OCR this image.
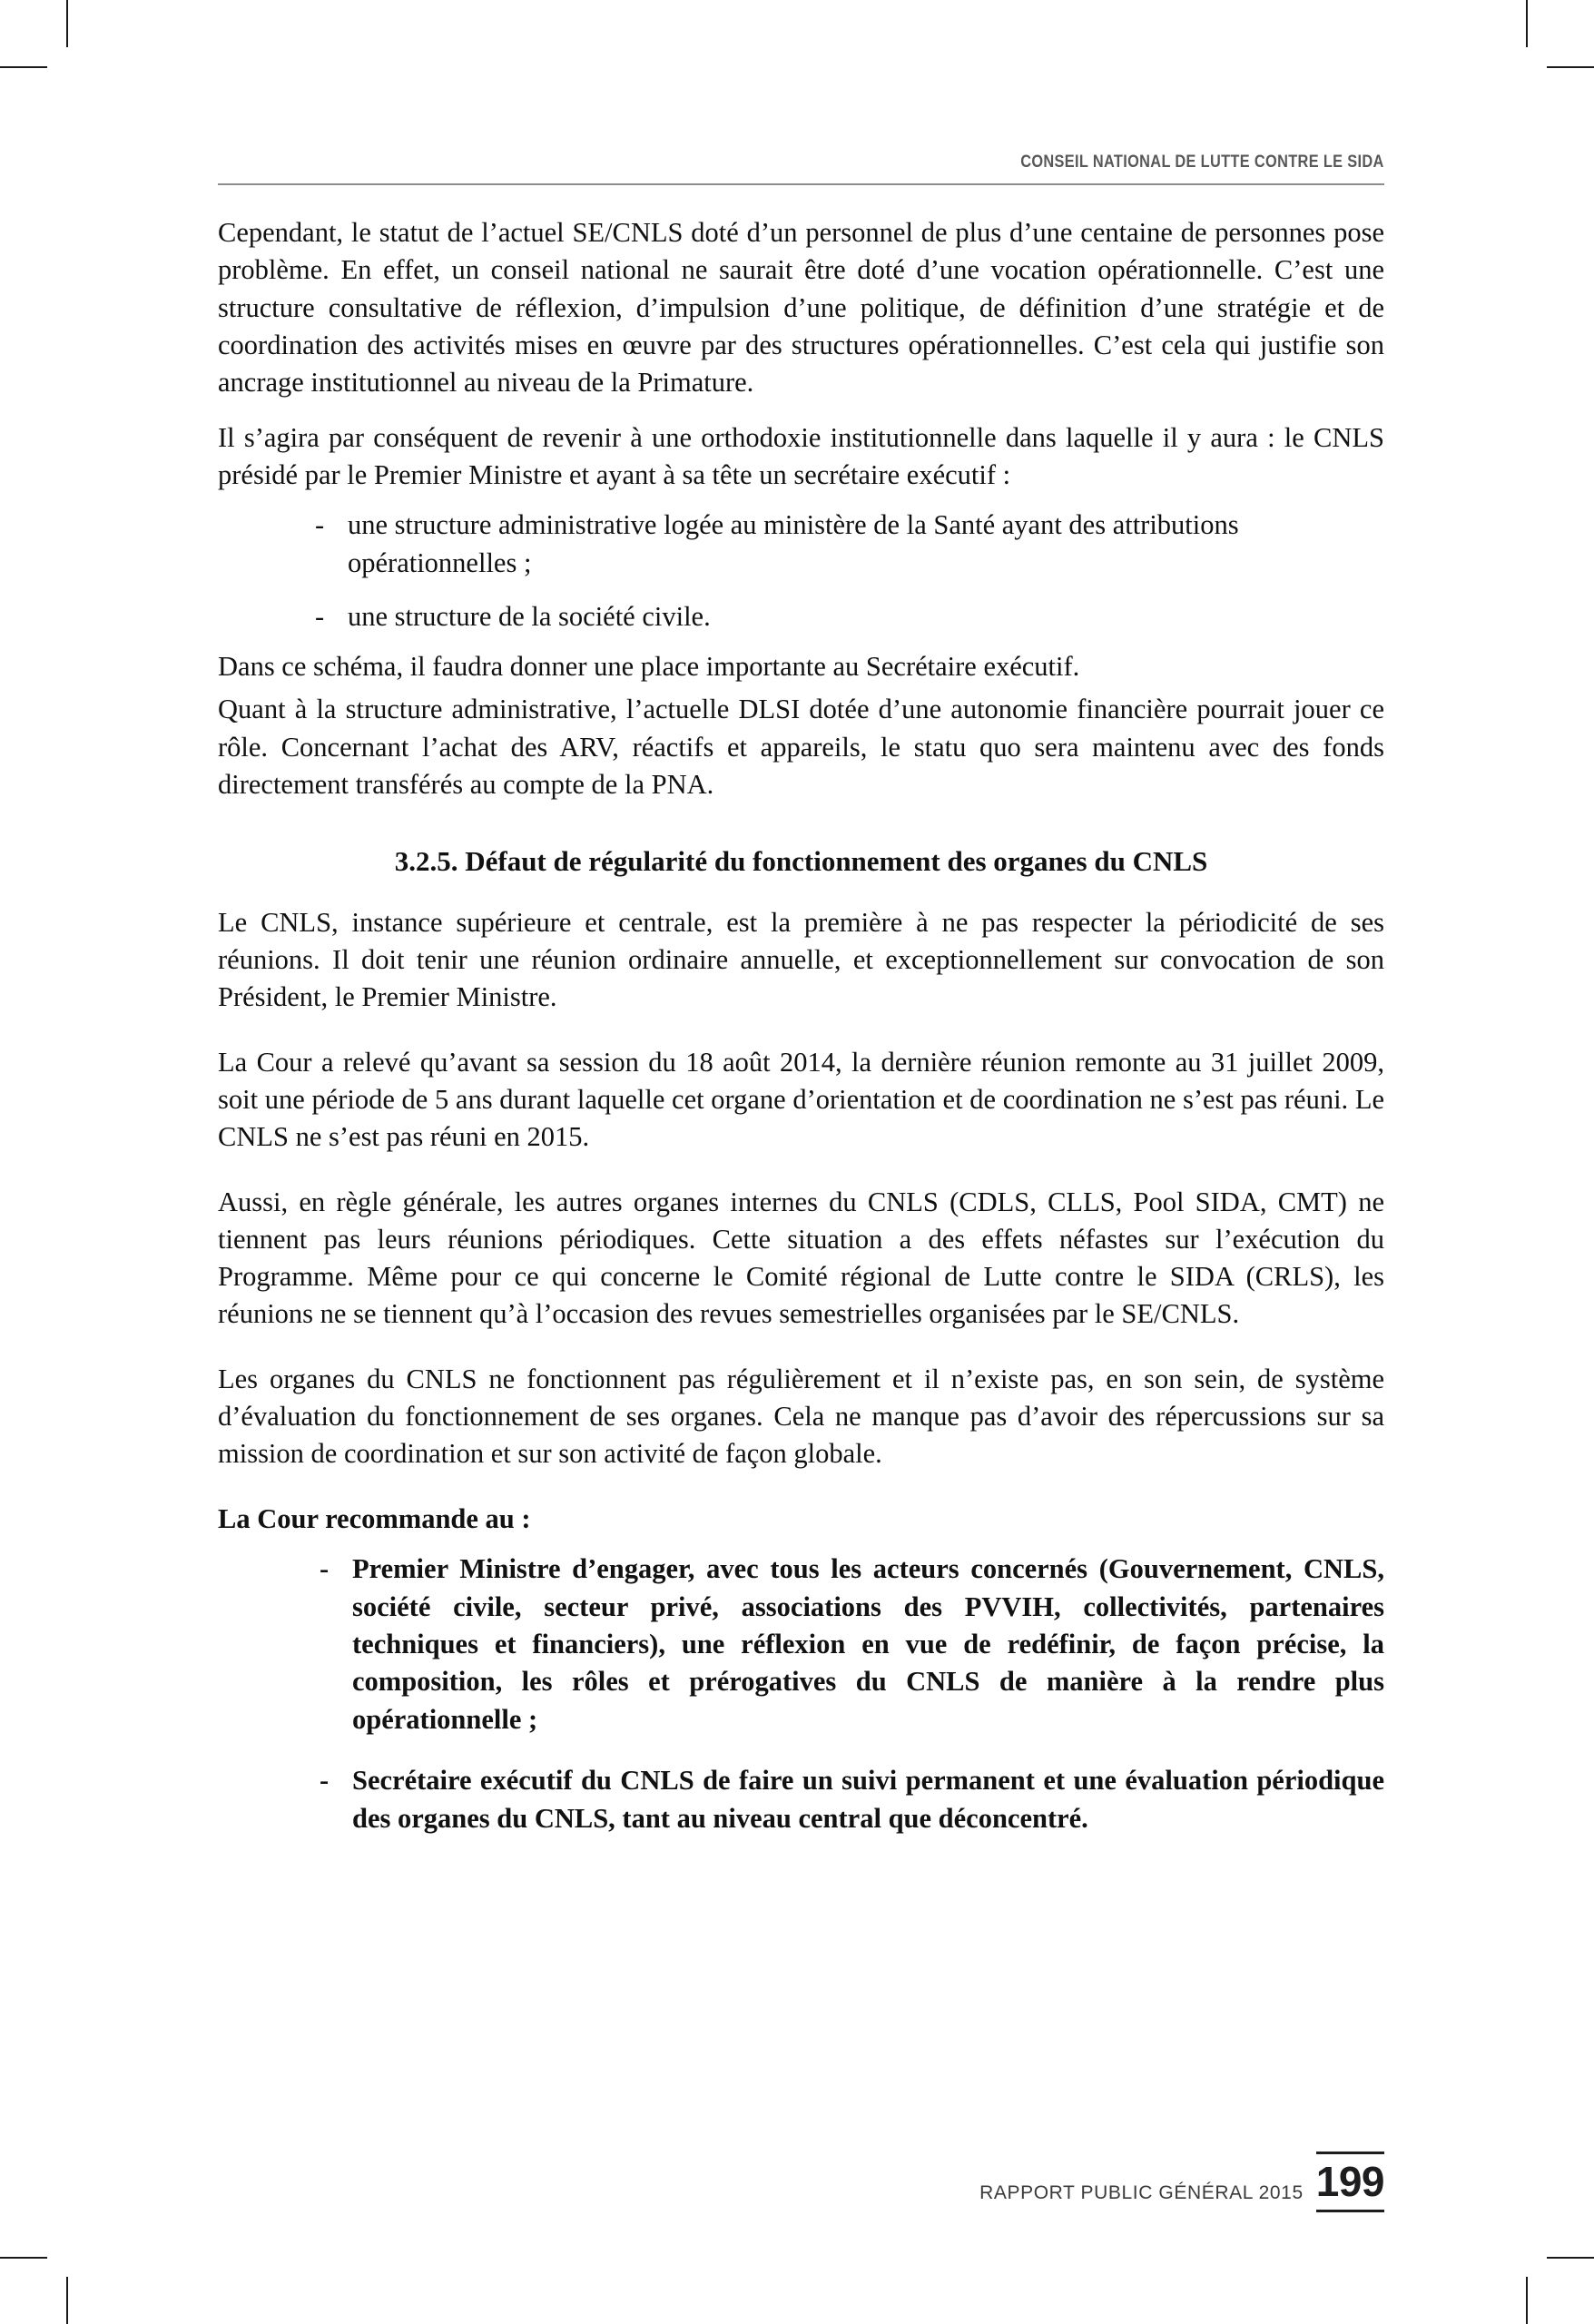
CONSEIL NATIONAL DE LUTTE CONTRE LE SIDA

Cependant, le statut de l’actuel SE/CNLS doté d’un personnel de plus d’une centaine de personnes pose problème. En effet, un conseil national ne saurait être doté d’une vocation opérationnelle. C’est une structure consultative de réflexion, d’impulsion d’une politique, de définition d’une stratégie et de coordination des activités mises en œuvre par des structures opérationnelles. C’est cela qui justifie son ancrage institutionnel au niveau de la Primature.

Il s’agira par conséquent de revenir à une orthodoxie institutionnelle dans laquelle il y aura : le CNLS présidé par le Premier Ministre et ayant à sa tête un secrétaire exécutif :

- une structure administrative logée au ministère de la Santé ayant des attributions opérationnelles ;
- une structure de la société civile.

Dans ce schéma, il faudra donner une place importante au Secrétaire exécutif.

Quant à la structure administrative, l’actuelle DLSI dotée d’une autonomie financière pourrait jouer ce rôle. Concernant l’achat des ARV, réactifs et appareils, le statu quo sera maintenu avec des fonds directement transférés au compte de la PNA.

3.2.5. Défaut de régularité du fonctionnement des organes du CNLS

Le CNLS, instance supérieure et centrale, est la première à ne pas respecter la périodicité de ses réunions. Il doit tenir une réunion ordinaire annuelle, et exceptionnellement sur convocation de son Président, le Premier Ministre.

La Cour a relevé qu’avant sa session du 18 août 2014, la dernière réunion remonte au 31 juillet 2009, soit une période de 5 ans durant laquelle cet organe d’orientation et de coordination ne s’est pas réuni. Le CNLS ne s’est pas réuni en 2015.

Aussi, en règle générale, les autres organes internes du CNLS (CDLS, CLLS, Pool SIDA, CMT) ne tiennent pas leurs réunions périodiques. Cette situation a des effets néfastes sur l’exécution du Programme. Même pour ce qui concerne le Comité régional de Lutte contre le SIDA (CRLS), les réunions ne se tiennent qu’à l’occasion des revues semestrielles organisées par le SE/CNLS.

Les organes du CNLS ne fonctionnent pas régulièrement et il n’existe pas, en son sein, de système d’évaluation du fonctionnement de ses organes. Cela ne manque pas d’avoir des répercussions sur sa mission de coordination et sur son activité de façon globale.

La Cour recommande au :

- Premier Ministre d’engager, avec tous les acteurs concernés (Gouvernement, CNLS, société civile, secteur privé, associations des PVVIH, collectivités, partenaires techniques et financiers), une réflexion en vue de redéfinir, de façon précise, la composition, les rôles et prérogatives du CNLS de manière à la rendre plus opérationnelle ;
- Secrétaire exécutif du CNLS de faire un suivi permanent et une évaluation périodique des organes du CNLS, tant au niveau central que déconcentré.
RAPPORT PUBLIC GÉNÉRAL 2015 199
